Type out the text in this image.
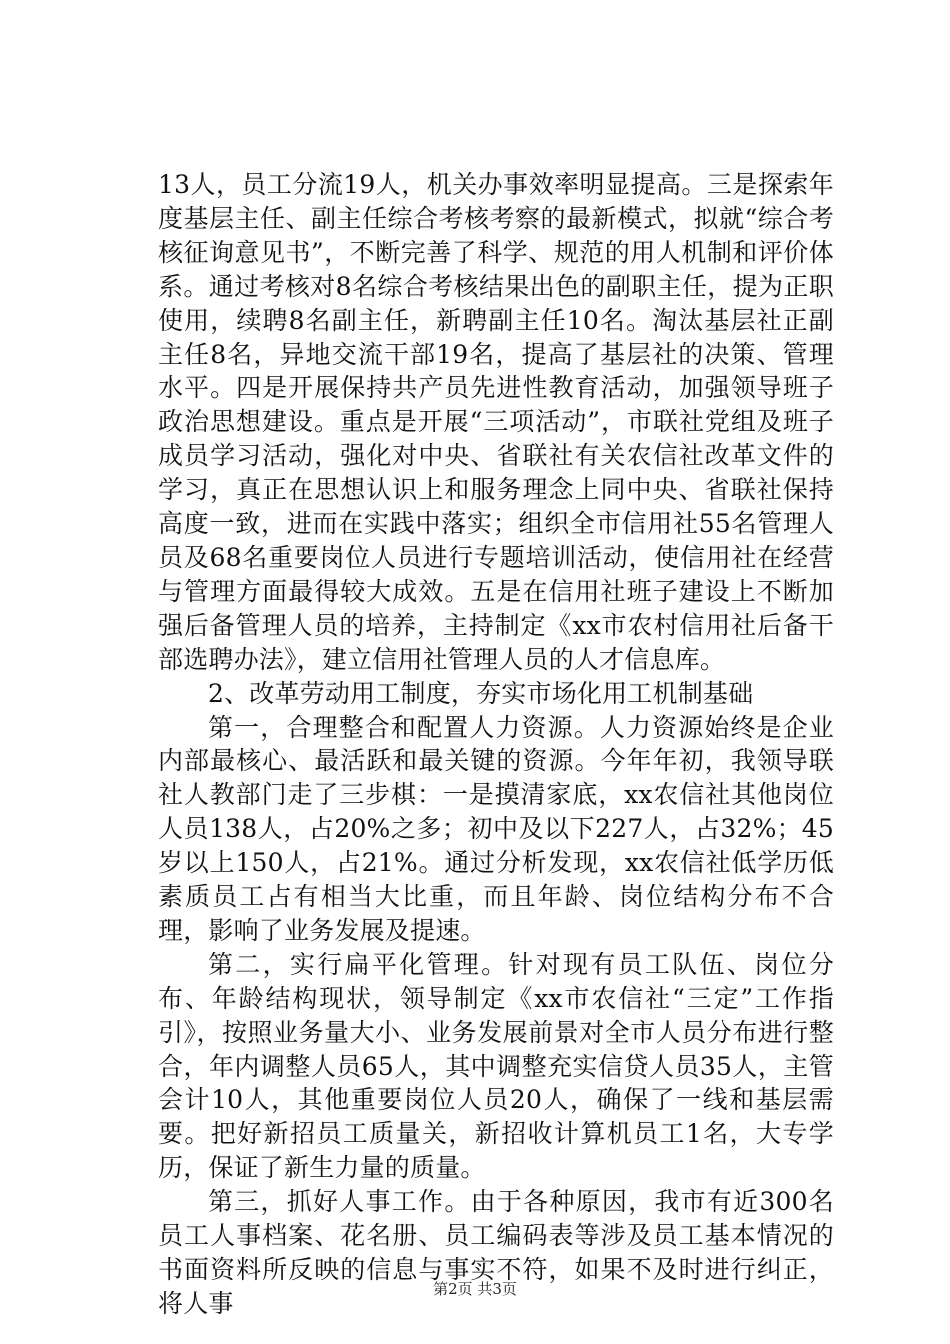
13人，员工分流19人，机关办事效率明显提高。三是探索年度基层主任、副主任综合考核考察的最新模式，拟就“综合考核征询意见书”，不断完善了科学、规范的用人机制和评价体系。通过考核对8名综合考核结果出色的副职主任，提为正职使用，续聘8名副主任，新聘副主任10名。淘汰基层社正副主任8名，异地交流干部19名，提高了基层社的决策、管理水平。四是开展保持共产员先进性教育活动，加强领导班子政治思想建设。重点是开展“三项活动”，市联社党组及班子成员学习活动，强化对中央、省联社有关农信社改革文件的学习，真正在思想认识上和服务理念上同中央、省联社保持高度一致，进而在实践中落实；组织全市信用社55名管理人员及68名重要岗位人员进行专题培训活动，使信用社在经营与管理方面最得较大成效。五是在信用社班子建设上不断加强后备管理人员的培养，主持制定《xx市农村信用社后备干部选聘办法》，建立信用社管理人员的人才信息库。

2、改革劳动用工制度，夯实市场化用工机制基础

第一，合理整合和配置人力资源。人力资源始终是企业内部最核心、最活跃和最关键的资源。今年年初，我领导联社人教部门走了三步棋：一是摸清家底，xx农信社其他岗位人员138人，占20%之多；初中及以下227人，占32%；45岁以上150人，占21%。通过分析发现，xx农信社低学历低素质员工占有相当大比重，而且年龄、岗位结构分布不合理，影响了业务发展及提速。

第二，实行扁平化管理。针对现有员工队伍、岗位分布、年龄结构现状，领导制定《xx市农信社“三定”工作指引》，按照业务量大小、业务发展前景对全市人员分布进行整合，年内调整人员65人，其中调整充实信贷人员35人，主管会计10人，其他重要岗位人员20人，确保了一线和基层需要。把好新招员工质量关，新招收计算机员工1名，大专学历，保证了新生力量的质量。

第三，抓好人事工作。由于各种原因，我市有近300名员工人事档案、花名册、员工编码表等涉及员工基本情况的书面资料所反映的信息与事实不符，如果不及时进行纠正，将人事	第2页 共3页
